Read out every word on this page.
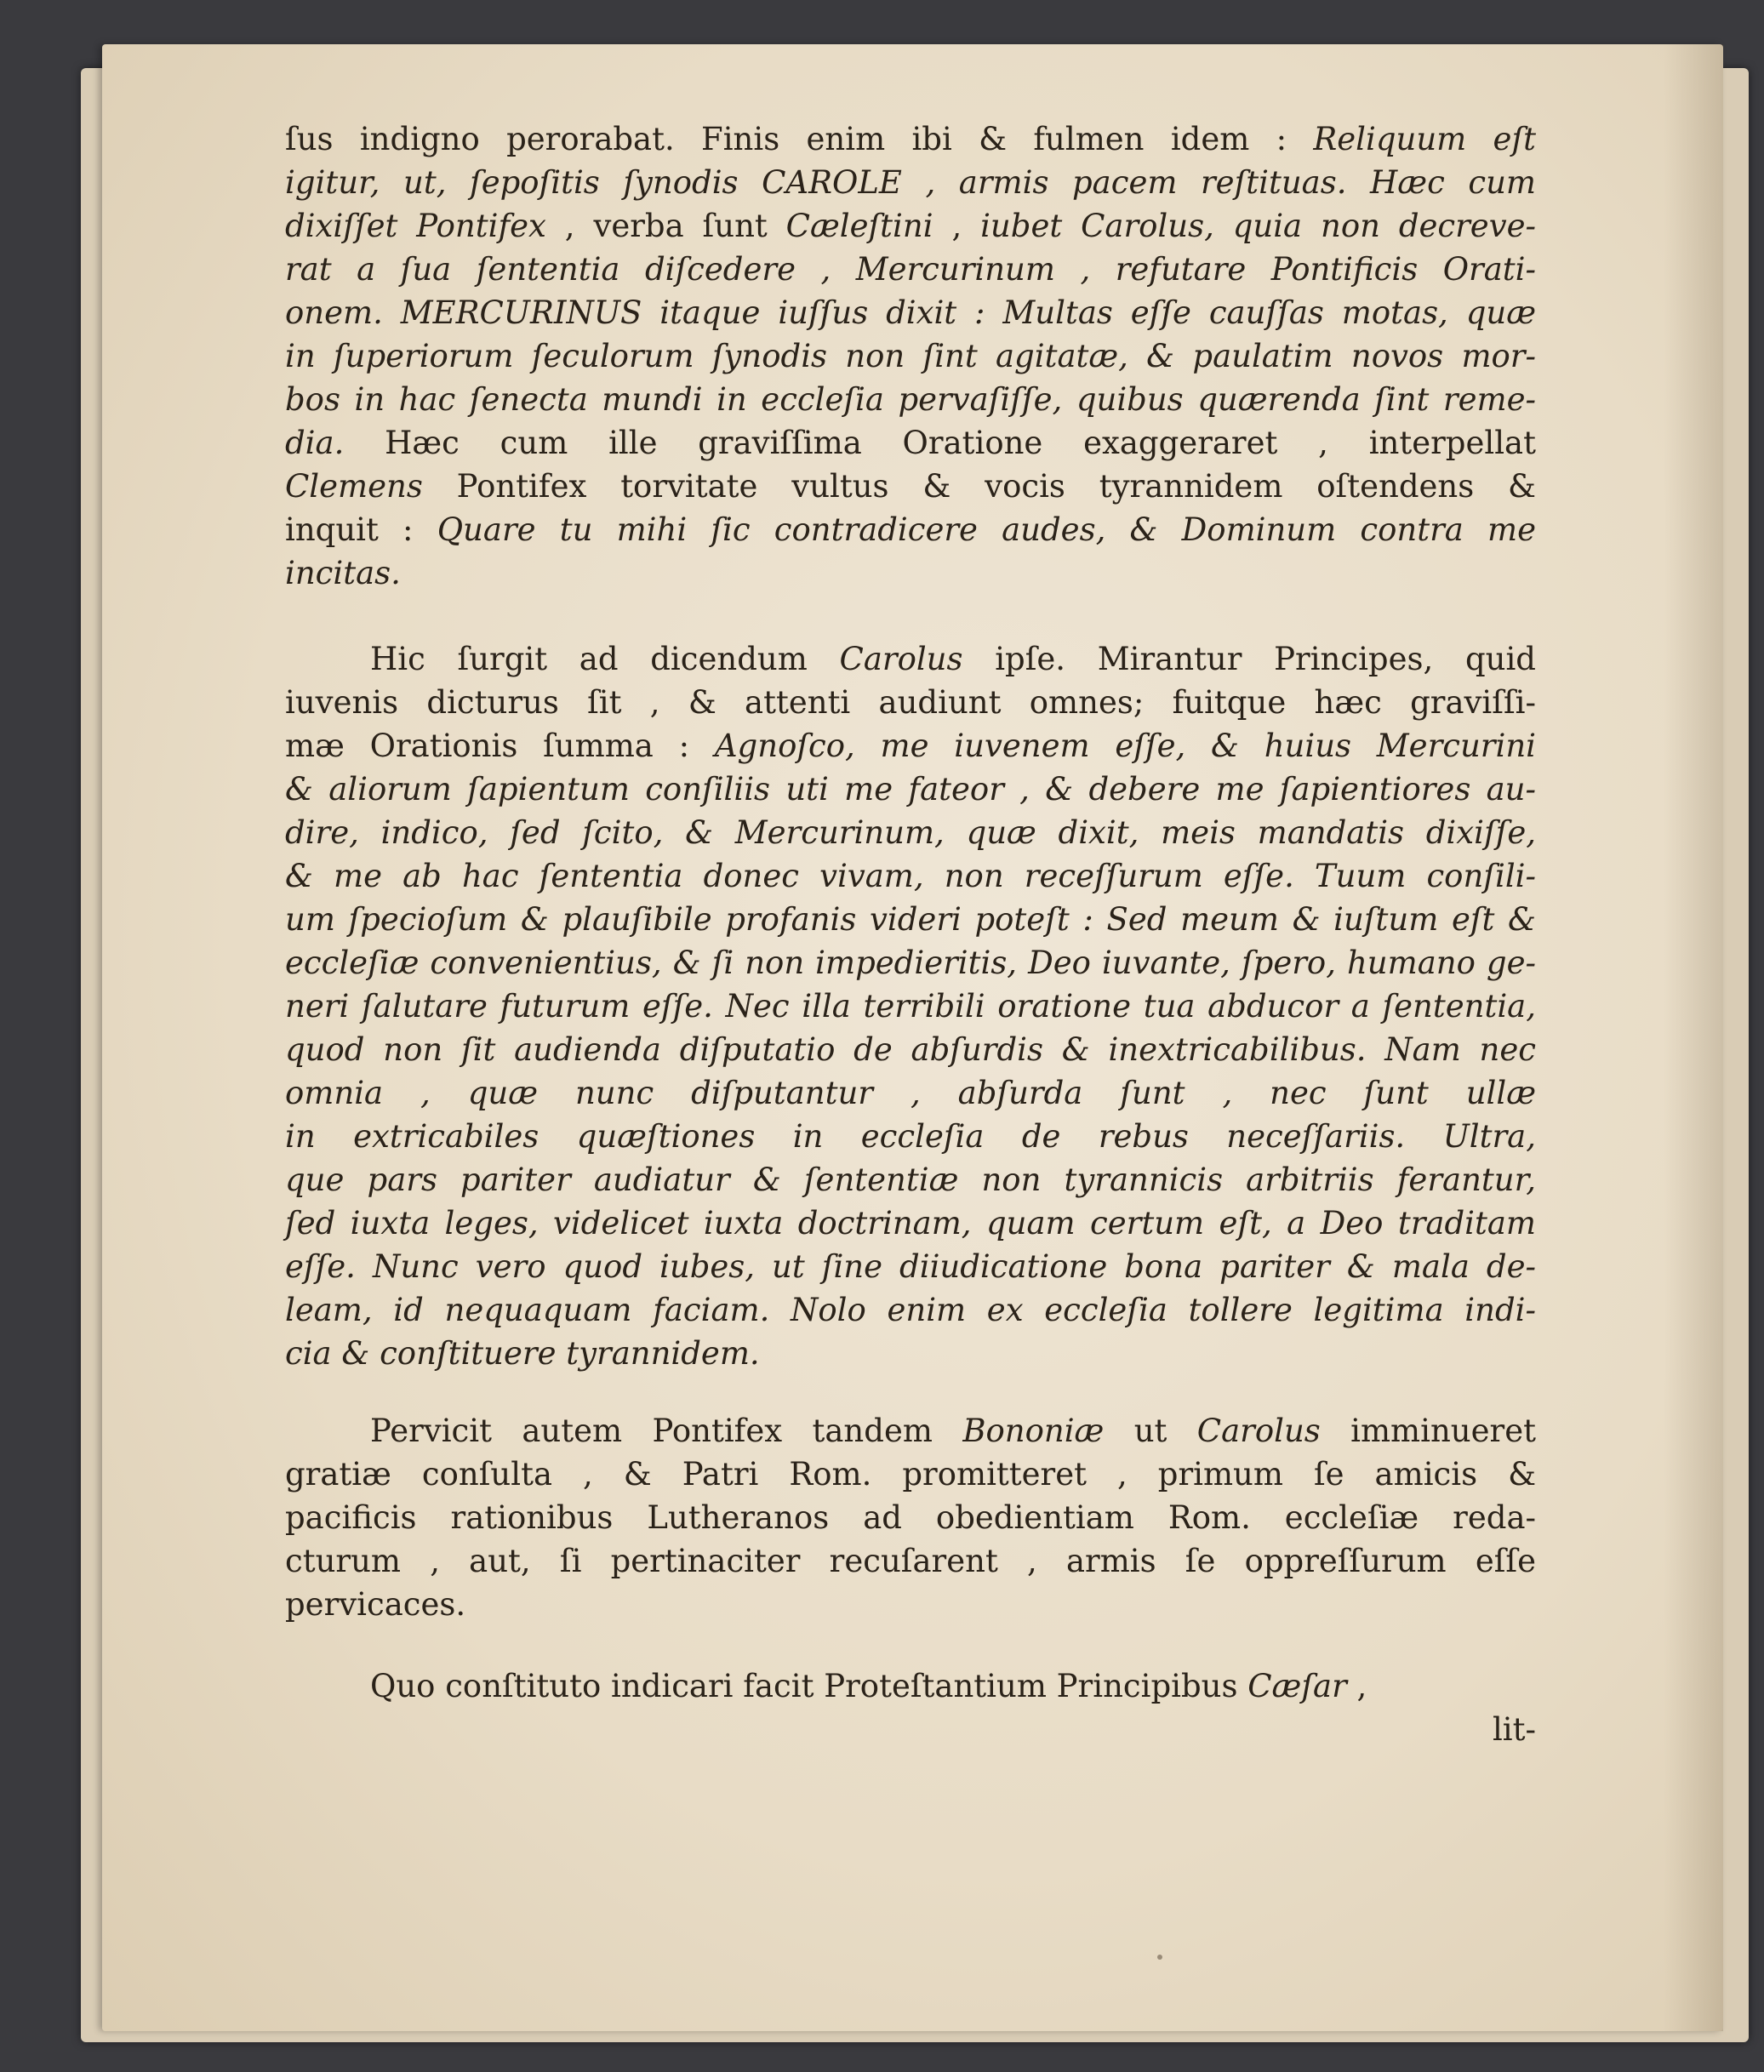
ſus indigno perorabat. Finis enim ibi & fulmen idem : Reliquum eſt
igitur, ut, ſepoſitis ſynodis CAROLE , armis pacem reſtituas. Hæc cum
dixiſſet Pontifex , verba ſunt Cæleſtini , iubet Carolus, quia non decreve-
rat a ſua ſententia diſcedere , Mercurinum , refutare Pontificis Orati-
onem. MERCURINUS itaque iuſſus dixit : Multas eſſe cauſſas motas, quæ
in ſuperiorum ſeculorum ſynodis non ſint agitatæ, & paulatim novos mor-
bos in hac ſenecta mundi in eccleſia pervaſiſſe, quibus quærenda ſint reme-
dia. Hæc cum ille graviſſima Oratione exaggeraret , interpellat
Clemens Pontifex torvitate vultus & vocis tyrannidem oſtendens &
inquit : Quare tu mihi ſic contradicere audes, & Dominum contra me
incitas.

Hic ſurgit ad dicendum Carolus ipſe. Mirantur Principes, quid
iuvenis dicturus ſit , & attenti audiunt omnes; fuitque hæc graviſſi-
mæ Orationis ſumma : Agnoſco, me iuvenem eſſe, & huius Mercurini
& aliorum ſapientum conſiliis uti me fateor , & debere me ſapientiores au-
dire, indico, ſed ſcito, & Mercurinum, quæ dixit, meis mandatis dixiſſe,
& me ab hac ſententia donec vivam, non receſſurum eſſe. Tuum conſili-
um ſpecioſum & plauſibile profanis videri poteſt : Sed meum & iuſtum eſt &
eccleſiæ convenientius, & ſi non impedieritis, Deo iuvante, ſpero, humano ge-
neri ſalutare futurum eſſe. Nec illa terribili oratione tua abducor a ſententia,
quod non ſit audienda diſputatio de abſurdis & inextricabilibus. Nam nec
omnia , quæ nunc diſputantur , abſurda ſunt , nec ſunt ullæ
in extricabiles quæſtiones in eccleſia de rebus neceſſariis. Ultra,
que pars pariter audiatur & ſententiæ non tyrannicis arbitriis ferantur,
ſed iuxta leges, videlicet iuxta doctrinam, quam certum eſt, a Deo traditam
eſſe. Nunc vero quod iubes, ut ſine diiudicatione bona pariter & mala de-
leam, id nequaquam faciam. Nolo enim ex eccleſia tollere legitima indi-
cia & conſtituere tyrannidem.

Pervicit autem Pontifex tandem Bononiæ ut Carolus imminueret
gratiæ conſulta , & Patri Rom. promitteret , primum ſe amicis &
pacificis rationibus Lutheranos ad obedientiam Rom. eccleſiæ reda-
cturum , aut, ſi pertinaciter recuſarent , armis ſe oppreſſurum eſſe
pervicaces.

Quo conſtituto indicari facit Proteſtantium Principibus Cæſar ,

lit-
